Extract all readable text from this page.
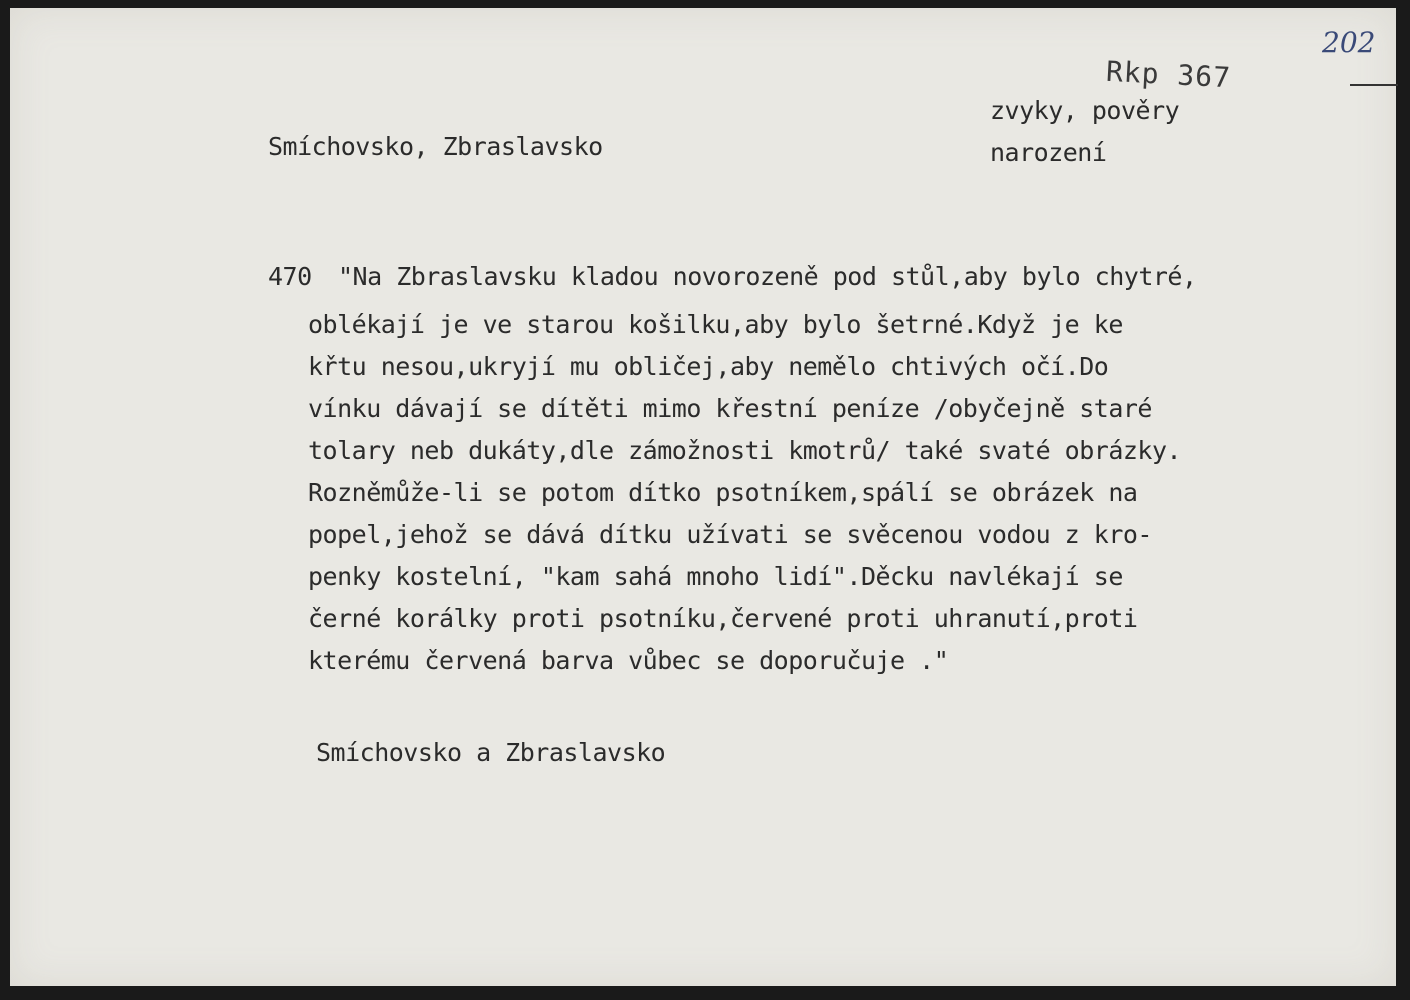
202
Rkp 367
Smíchovsko, Zbraslavsko
zvyky, pověry
narození
470 "Na Zbraslavsku kladou novorozeně pod stůl,aby bylo chytré,
oblékají je ve starou košilku,aby bylo šetrné.Když je ke
křtu nesou,ukryjí mu obličej,aby nemělo chtivých očí.Do
vínku dávají se dítěti mimo křestní peníze /obyčejně staré
tolary neb dukáty,dle zámožnosti kmotrů/ také svaté obrázky.
Rozněmůže-li se potom dítko psotníkem,spálí se obrázek na
popel,jehož se dává dítku užívati se svěcenou vodou z kro-
penky kostelní, "kam sahá mnoho lidí".Děcku navlékají se
černé korálky proti psotníku,červené proti uhranutí,proti
kterému červená barva vůbec se doporučuje ."
Smíchovsko a Zbraslavsko
